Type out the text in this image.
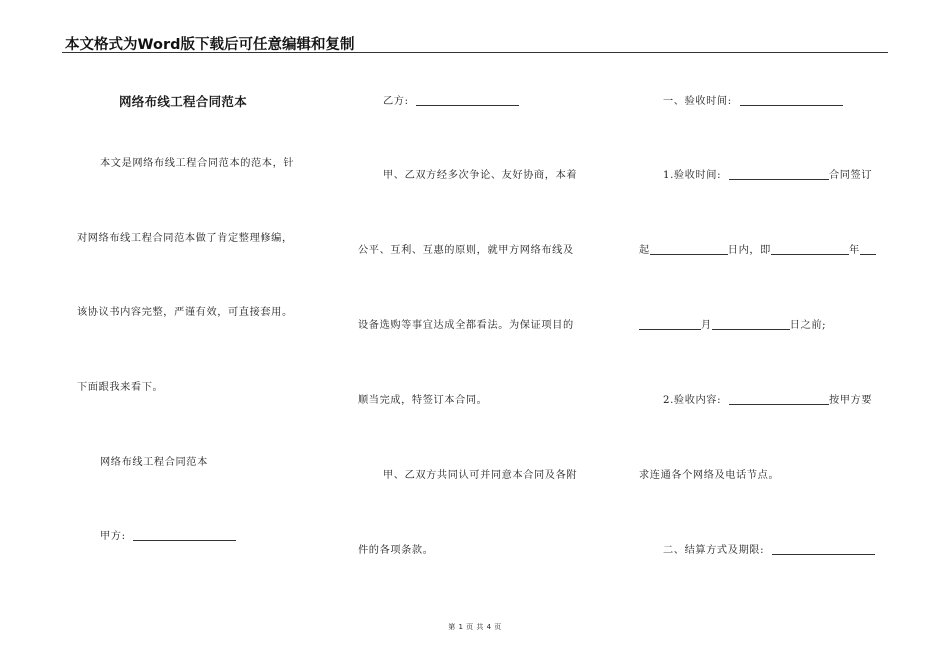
本文格式为Word版下载后可任意编辑和复制
网络布线工程合同范本
本文是网络布线工程合同范本的范本，针
对网络布线工程合同范本做了肯定整理修编，
该协议书内容完整，严谨有效，可直接套用。
下面跟我来看下。
网络布线工程合同范本
甲方:
乙方:
甲、乙双方经多次争论、友好协商，本着
公平、互利、互惠的原则，就甲方网络布线及
设备选购等事宜达成全都看法。为保证项目的
顺当完成，特签订本合同。
甲、乙双方共同认可并同意本合同及各附
件的各项条款。
一、验收时间:
1.验收时间:	合同签订
起	日内，即	年
月	日之前;
2.验收内容:	按甲方要
求连通各个网络及电话节点。
二、结算方式及期限:
第 1 页 共 4 页
